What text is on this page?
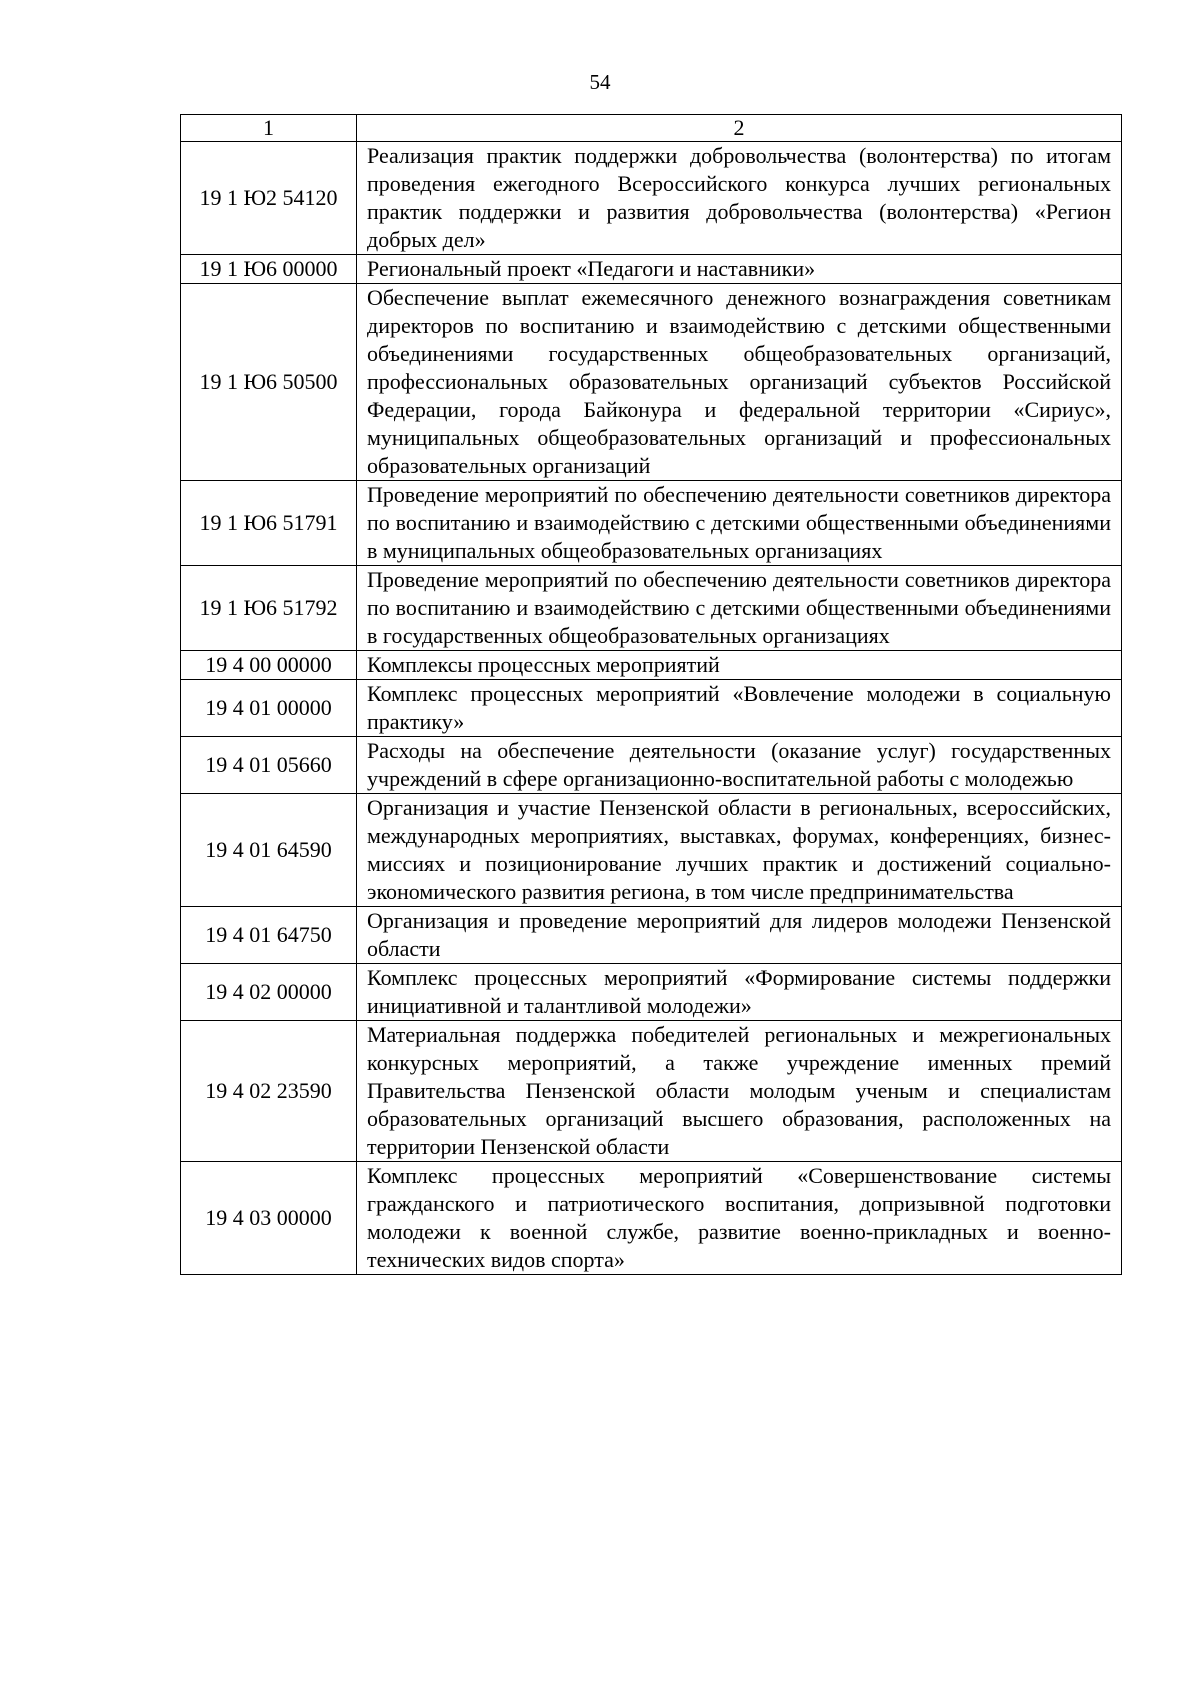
54
1	2
19 1 Ю2 54120	Реализация практик поддержки добровольчества (волонтерства) по итогам проведения ежегодного Всероссийского конкурса лучших региональных практик поддержки и развития добровольчества (волонтерства) «Регион добрых дел»
19 1 Ю6 00000	Региональный проект «Педагоги и наставники»
19 1 Ю6 50500	Обеспечение выплат ежемесячного денежного вознаграждения советникам директоров по воспитанию и взаимодействию с детскими общественными объединениями государственных общеобразовательных организаций, профессиональных образовательных организаций субъектов Российской Федерации, города Байконура и федеральной территории «Сириус», муниципальных общеобразовательных организаций и профессиональных образовательных организаций
19 1 Ю6 51791	Проведение мероприятий по обеспечению деятельности советников директора по воспитанию и взаимодействию с детскими общественными объединениями в муниципальных общеобразовательных организациях
19 1 Ю6 51792	Проведение мероприятий по обеспечению деятельности советников директора по воспитанию и взаимодействию с детскими общественными объединениями в государственных общеобразовательных организациях
19 4 00 00000	Комплексы процессных мероприятий
19 4 01 00000	Комплекс процессных мероприятий «Вовлечение молодежи в социальную практику»
19 4 01 05660	Расходы на обеспечение деятельности (оказание услуг) государственных учреждений в сфере организационно-воспитательной работы с молодежью
19 4 01 64590	Организация и участие Пензенской области в региональных, всероссийских, международных мероприятиях, выставках, форумах, конференциях, бизнес-миссиях и позиционирование лучших практик и достижений социально-экономического развития региона, в том числе предпринимательства
19 4 01 64750	Организация и проведение мероприятий для лидеров молодежи Пензенской области
19 4 02 00000	Комплекс процессных мероприятий «Формирование системы поддержки инициативной и талантливой молодежи»
19 4 02 23590	Материальная поддержка победителей региональных и межрегиональных конкурсных мероприятий, а также учреждение именных премий Правительства Пензенской области молодым ученым и специалистам образовательных организаций высшего образования, расположенных на территории Пензенской области
19 4 03 00000	Комплекс процессных мероприятий «Совершенствование системы гражданского и патриотического воспитания, допризывной подготовки молодежи к военной службе, развитие военно-прикладных и военно-технических видов спорта»
